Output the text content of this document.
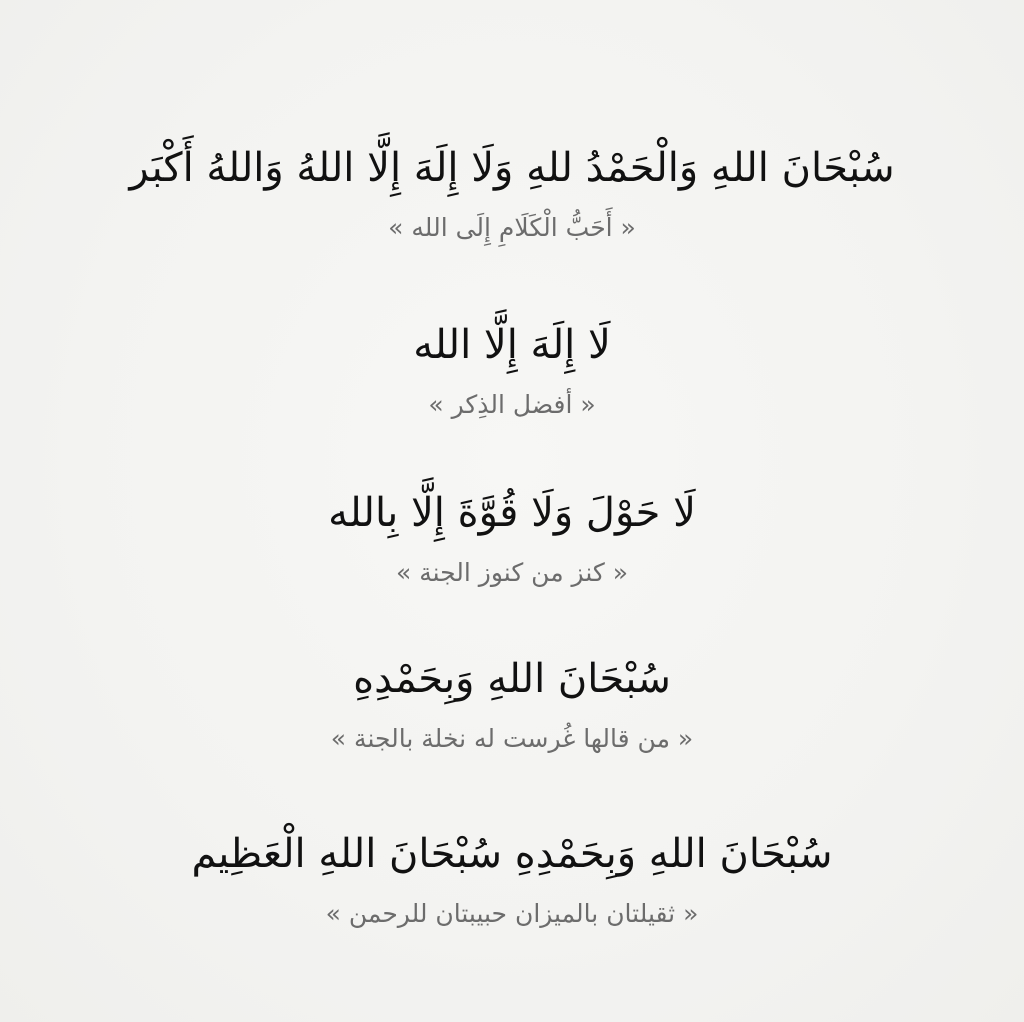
سُبْحَانَ اللهِ وَالْحَمْدُ للهِ وَلَا إِلَهَ إِلَّا اللهُ وَاللهُ أَكْبَر
« أَحَبُّ الْكَلَامِ إِلَى الله »
لَا إِلَهَ إِلَّا الله
« أفضل الذِكر »
لَا حَوْلَ وَلَا قُوَّةَ إِلَّا بِالله
« كنز من كنوز الجنة »
سُبْحَانَ اللهِ وَبِحَمْدِهِ
« من قالها غُرست له نخلة بالجنة »
سُبْحَانَ اللهِ وَبِحَمْدِهِ سُبْحَانَ اللهِ الْعَظِيم
« ثقيلتان بالميزان حبيبتان للرحمن »
